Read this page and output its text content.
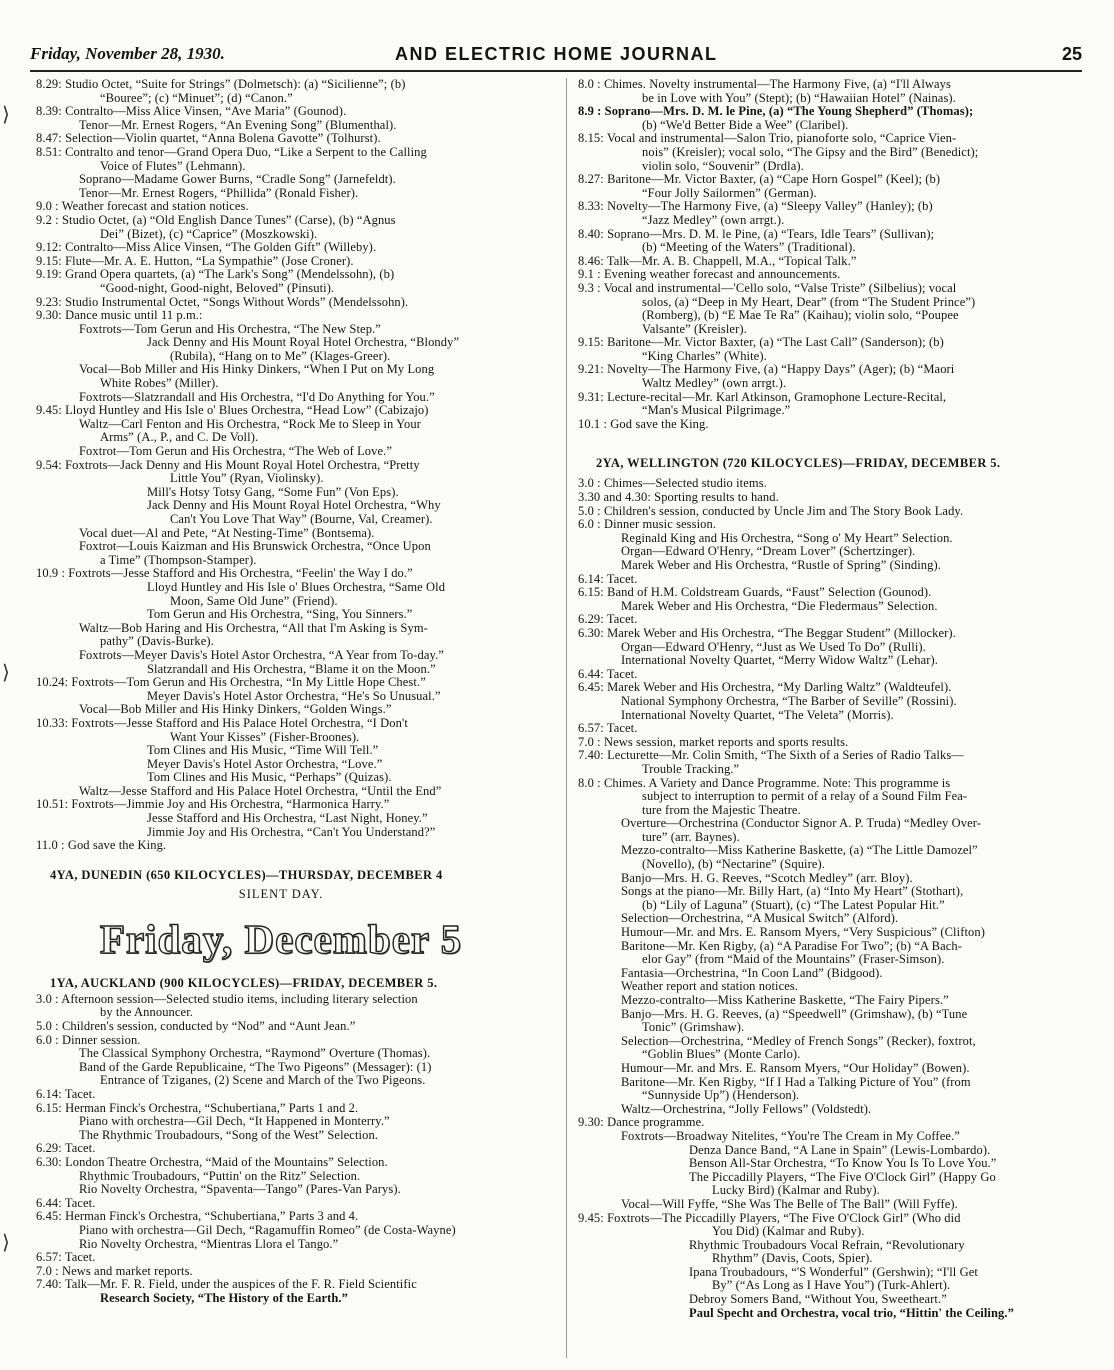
Friday, November 28, 1930.	AND ELECTRIC HOME JOURNAL	25
8.29: Studio Octet, “Suite for Strings” (Dolmetsch): (a) “Sicilienne”; (b)
“Bouree”; (c) “Minuet”; (d) “Canon.”
8.39: Contralto—Miss Alice Vinsen, “Ave Maria” (Gounod).
Tenor—Mr. Ernest Rogers, “An Evening Song” (Blumenthal).
8.47: Selection—Violin quartet, “Anna Bolena Gavotte” (Tolhurst).
8.51: Contralto and tenor—Grand Opera Duo, “Like a Serpent to the Calling
Voice of Flutes” (Lehmann).
Soprano—Madame Gower Burns, “Cradle Song” (Jarnefeldt).
Tenor—Mr. Ernest Rogers, “Phillida” (Ronald Fisher).
9.0 : Weather forecast and station notices.
9.2 : Studio Octet, (a) “Old English Dance Tunes” (Carse), (b) “Agnus
Dei” (Bizet), (c) “Caprice” (Moszkowski).
9.12: Contralto—Miss Alice Vinsen, “The Golden Gift” (Willeby).
9.15: Flute—Mr. A. E. Hutton, “La Sympathie” (Jose Croner).
9.19: Grand Opera quartets, (a) “The Lark's Song” (Mendelssohn), (b)
“Good-night, Good-night, Beloved” (Pinsuti).
9.23: Studio Instrumental Octet, “Songs Without Words” (Mendelssohn).
9.30: Dance music until 11 p.m.:
Foxtrots—Tom Gerun and His Orchestra, “The New Step.”
Jack Denny and His Mount Royal Hotel Orchestra, “Blondy”
(Rubila), “Hang on to Me” (Klages-Greer).
Vocal—Bob Miller and His Hinky Dinkers, “When I Put on My Long
White Robes” (Miller).
Foxtrots—Slatzrandall and His Orchestra, “I'd Do Anything for You.”
9.45: Lloyd Huntley and His Isle o' Blues Orchestra, “Head Low” (Cabizajo)
Waltz—Carl Fenton and His Orchestra, “Rock Me to Sleep in Your
Arms” (A., P., and C. De Voll).
Foxtrot—Tom Gerun and His Orchestra, “The Web of Love.”
9.54: Foxtrots—Jack Denny and His Mount Royal Hotel Orchestra, “Pretty
Little You” (Ryan, Violinsky).
Mill's Hotsy Totsy Gang, “Some Fun” (Von Eps).
Jack Denny and His Mount Royal Hotel Orchestra, “Why
Can't You Love That Way” (Bourne, Val, Creamer).
Vocal duet—Al and Pete, “At Nesting-Time” (Bontsema).
Foxtrot—Louis Kaizman and His Brunswick Orchestra, “Once Upon
a Time” (Thompson-Stamper).
10.9 : Foxtrots—Jesse Stafford and His Orchestra, “Feelin' the Way I do.”
Lloyd Huntley and His Isle o' Blues Orchestra, “Same Old
Moon, Same Old June” (Friend).
Tom Gerun and His Orchestra, “Sing, You Sinners.”
Waltz—Bob Haring and His Orchestra, “All that I'm Asking is Sym-
pathy” (Davis-Burke).
Foxtrots—Meyer Davis's Hotel Astor Orchestra, “A Year from To-day.”
Slatzrandall and His Orchestra, “Blame it on the Moon.”
10.24: Foxtrots—Tom Gerun and His Orchestra, “In My Little Hope Chest.”
Meyer Davis's Hotel Astor Orchestra, “He's So Unusual.”
Vocal—Bob Miller and His Hinky Dinkers, “Golden Wings.”
10.33: Foxtrots—Jesse Stafford and His Palace Hotel Orchestra, “I Don't
Want Your Kisses” (Fisher-Broones).
Tom Clines and His Music, “Time Will Tell.”
Meyer Davis's Hotel Astor Orchestra, “Love.”
Tom Clines and His Music, “Perhaps” (Quizas).
Waltz—Jesse Stafford and His Palace Hotel Orchestra, “Until the End”
10.51: Foxtrots—Jimmie Joy and His Orchestra, “Harmonica Harry.”
Jesse Stafford and His Orchestra, “Last Night, Honey.”
Jimmie Joy and His Orchestra, “Can't You Understand?”
11.0 : God save the King.
4YA, DUNEDIN (650 KILOCYCLES)—THURSDAY, DECEMBER 4
SILENT DAY.
Friday, December 5
1YA, AUCKLAND (900 KILOCYCLES)—FRIDAY, DECEMBER 5.
3.0 : Afternoon session—Selected studio items, including literary selection
by the Announcer.
5.0 : Children's session, conducted by “Nod” and “Aunt Jean.”
6.0 : Dinner session.
The Classical Symphony Orchestra, “Raymond” Overture (Thomas).
Band of the Garde Republicaine, “The Two Pigeons” (Messager): (1)
Entrance of Tziganes, (2) Scene and March of the Two Pigeons.
6.14: Tacet.
6.15: Herman Finck's Orchestra, “Schubertiana,” Parts 1 and 2.
Piano with orchestra—Gil Dech, “It Happened in Monterry.”
The Rhythmic Troubadours, “Song of the West” Selection.
6.29: Tacet.
6.30: London Theatre Orchestra, “Maid of the Mountains” Selection.
Rhythmic Troubadours, “Puttin' on the Ritz” Selection.
Rio Novelty Orchestra, “Spaventa—Tango” (Pares-Van Parys).
6.44: Tacet.
6.45: Herman Finck's Orchestra, “Schubertiana,” Parts 3 and 4.
Piano with orchestra—Gil Dech, “Ragamuffin Romeo” (de Costa-Wayne)
Rio Novelty Orchestra, “Mientras Llora el Tango.”
6.57: Tacet.
7.0 : News and market reports.
7.40: Talk—Mr. F. R. Field, under the auspices of the F. R. Field Scientific
Research Society, “The History of the Earth.”
8.0 : Chimes. Novelty instrumental—The Harmony Five, (a) “I'll Always
be in Love with You” (Stept); (b) “Hawaiian Hotel” (Nainas).
8.9 : Soprano—Mrs. D. M. le Pine, (a) “The Young Shepherd” (Thomas);
(b) “We'd Better Bide a Wee” (Claribel).
8.15: Vocal and instrumental—Salon Trio, pianoforte solo, “Caprice Vien-
nois” (Kreisler); vocal solo, “The Gipsy and the Bird” (Benedict);
violin solo, “Souvenir” (Drdla).
8.27: Baritone—Mr. Victor Baxter, (a) “Cape Horn Gospel” (Keel); (b)
“Four Jolly Sailormen” (German).
8.33: Novelty—The Harmony Five, (a) “Sleepy Valley” (Hanley); (b)
“Jazz Medley” (own arrgt.).
8.40: Soprano—Mrs. D. M. le Pine, (a) “Tears, Idle Tears” (Sullivan);
(b) “Meeting of the Waters” (Traditional).
8.46: Talk—Mr. A. B. Chappell, M.A., “Topical Talk.”
9.1 : Evening weather forecast and announcements.
9.3 : Vocal and instrumental—'Cello solo, “Valse Triste” (Silbelius); vocal
solos, (a) “Deep in My Heart, Dear” (from “The Student Prince”)
(Romberg), (b) “E Mae Te Ra” (Kaihau); violin solo, “Poupee
Valsante” (Kreisler).
9.15: Baritone—Mr. Victor Baxter, (a) “The Last Call” (Sanderson); (b)
“King Charles” (White).
9.21: Novelty—The Harmony Five, (a) “Happy Days” (Ager); (b) “Maori
Waltz Medley” (own arrgt.).
9.31: Lecture-recital—Mr. Karl Atkinson, Gramophone Lecture-Recital,
“Man's Musical Pilgrimage.”
10.1 : God save the King.
2YA, WELLINGTON (720 KILOCYCLES)—FRIDAY, DECEMBER 5.
3.0 : Chimes—Selected studio items.
3.30 and 4.30: Sporting results to hand.
5.0 : Children's session, conducted by Uncle Jim and The Story Book Lady.
6.0 : Dinner music session.
Reginald King and His Orchestra, “Song o' My Heart” Selection.
Organ—Edward O'Henry, “Dream Lover” (Schertzinger).
Marek Weber and His Orchestra, “Rustle of Spring” (Sinding).
6.14: Tacet.
6.15: Band of H.M. Coldstream Guards, “Faust” Selection (Gounod).
Marek Weber and His Orchestra, “Die Fledermaus” Selection.
6.29: Tacet.
6.30: Marek Weber and His Orchestra, “The Beggar Student” (Millocker).
Organ—Edward O'Henry, “Just as We Used To Do” (Rulli).
International Novelty Quartet, “Merry Widow Waltz” (Lehar).
6.44: Tacet.
6.45: Marek Weber and His Orchestra, “My Darling Waltz” (Waldteufel).
National Symphony Orchestra, “The Barber of Seville” (Rossini).
International Novelty Quartet, “The Veleta” (Morris).
6.57: Tacet.
7.0 : News session, market reports and sports results.
7.40: Lecturette—Mr. Colin Smith, “The Sixth of a Series of Radio Talks—
Trouble Tracking.”
8.0 : Chimes. A Variety and Dance Programme. Note: This programme is
subject to interruption to permit of a relay of a Sound Film Fea-
ture from the Majestic Theatre.
Overture—Orchestrina (Conductor Signor A. P. Truda) “Medley Over-
ture” (arr. Baynes).
Mezzo-contralto—Miss Katherine Baskette, (a) “The Little Damozel”
(Novello), (b) “Nectarine” (Squire).
Banjo—Mrs. H. G. Reeves, “Scotch Medley” (arr. Bloy).
Songs at the piano—Mr. Billy Hart, (a) “Into My Heart” (Stothart),
(b) “Lily of Laguna” (Stuart), (c) “The Latest Popular Hit.”
Selection—Orchestrina, “A Musical Switch” (Alford).
Humour—Mr. and Mrs. E. Ransom Myers, “Very Suspicious” (Clifton)
Baritone—Mr. Ken Rigby, (a) “A Paradise For Two”; (b) “A Bach-
elor Gay” (from “Maid of the Mountains” (Fraser-Simson).
Fantasia—Orchestrina, “In Coon Land” (Bidgood).
Weather report and station notices.
Mezzo-contralto—Miss Katherine Baskette, “The Fairy Pipers.”
Banjo—Mrs. H. G. Reeves, (a) “Speedwell” (Grimshaw), (b) “Tune
Tonic” (Grimshaw).
Selection—Orchestrina, “Medley of French Songs” (Recker), foxtrot,
“Goblin Blues” (Monte Carlo).
Humour—Mr. and Mrs. E. Ransom Myers, “Our Holiday” (Bowen).
Baritone—Mr. Ken Rigby, “If I Had a Talking Picture of You” (from
“Sunnyside Up”) (Henderson).
Waltz—Orchestrina, “Jolly Fellows” (Voldstedt).
9.30: Dance programme.
Foxtrots—Broadway Nitelites, “You're The Cream in My Coffee.”
Denza Dance Band, “A Lane in Spain” (Lewis-Lombardo).
Benson All-Star Orchestra, “To Know You Is To Love You.”
The Piccadilly Players, “The Five O'Clock Girl” (Happy Go
Lucky Bird) (Kalmar and Ruby).
Vocal—Will Fyffe, “She Was The Belle of The Ball” (Will Fyffe).
9.45: Foxtrots—The Piccadilly Players, “The Five O'Clock Girl” (Who did
You Did) (Kalmar and Ruby).
Rhythmic Troubadours Vocal Refrain, “Revolutionary
Rhythm” (Davis, Coots, Spier).
Ipana Troubadours, “'S Wonderful” (Gershwin); “I'll Get
By” (“As Long as I Have You”) (Turk-Ahlert).
Debroy Somers Band, “Without You, Sweetheart.”
Paul Specht and Orchestra, vocal trio, “Hittin' the Ceiling.”
⟩
⟩
⟩
